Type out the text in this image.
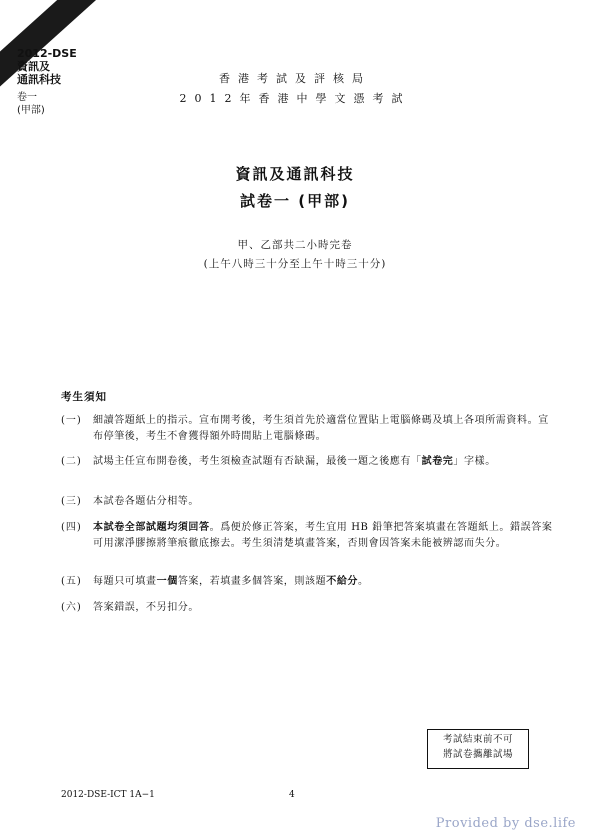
MC
2012-DSE
資訊及
通訊科技
卷一
(甲部)
香港考試及評核局
2012年香港中學文憑考試
資訊及通訊科技
試卷一 (甲部)
甲、乙部共二小時完卷
(上午八時三十分至上午十時三十分)
考生須知
(一) 細讀答題紙上的指示。宣布開考後，考生須首先於適當位置貼上電腦條碼及填上各項所需資料。宣布停筆後，考生不會獲得額外時間貼上電腦條碼。
(二) 試場主任宣布開卷後，考生須檢查試題有否缺漏，最後一題之後應有「試卷完」字樣。
(三) 本試卷各題佔分相等。
(四) 本試卷全部試題均須回答。爲便於修正答案，考生宜用 HB 鉛筆把答案填畫在答題紙上。錯誤答案可用潔淨膠擦將筆痕徹底擦去。考生須清楚填畫答案，否則會因答案未能被辨認而失分。
(五) 每題只可填畫一個答案，若填畫多個答案，則該題不給分。
(六) 答案錯誤，不另扣分。
考試結束前不可
將試卷攜離試場
2012-DSE-ICT 1A−1	4
Provided by dse.life
